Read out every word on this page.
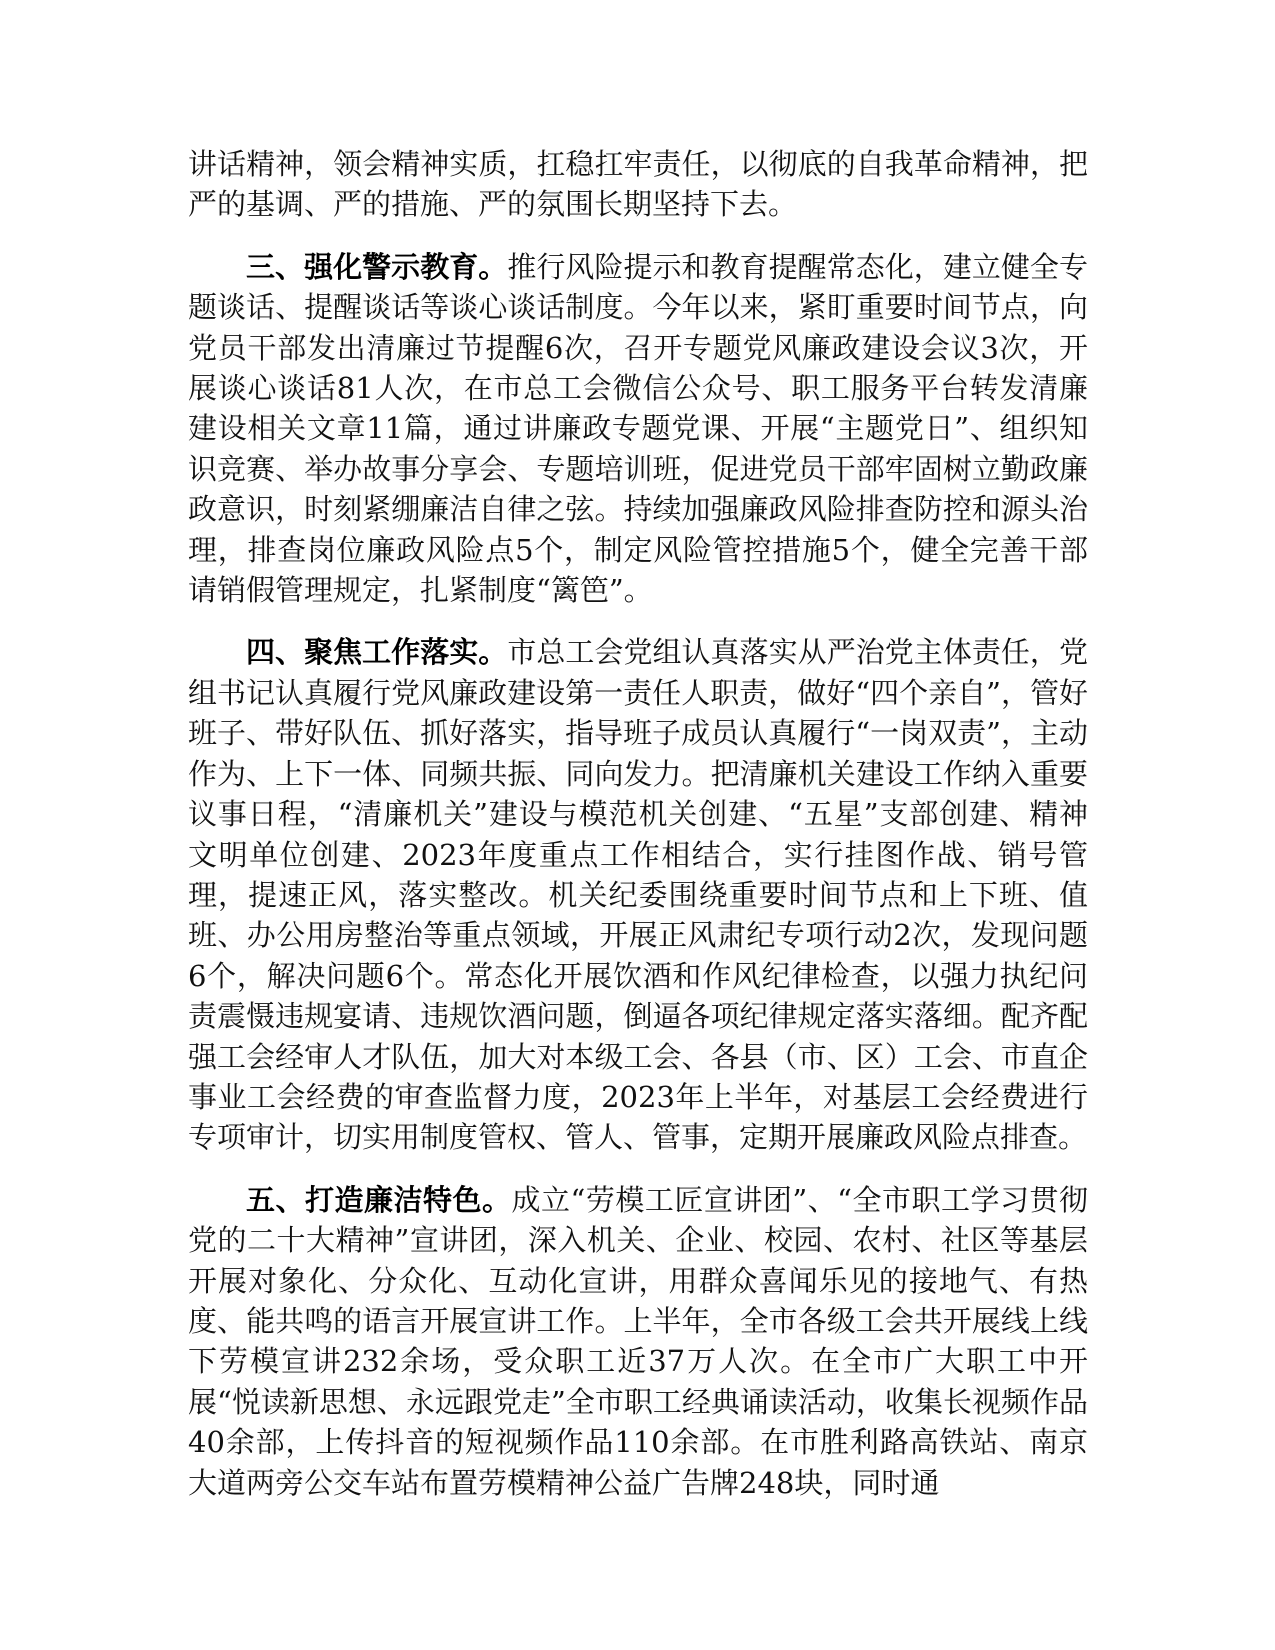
讲话精神，领会精神实质，扛稳扛牢责任，以彻底的自我革命精神，把严的基调、严的措施、严的氛围长期坚持下去。

三、强化警示教育。推行风险提示和教育提醒常态化，建立健全专题谈话、提醒谈话等谈心谈话制度。今年以来，紧盯重要时间节点，向党员干部发出清廉过节提醒6次，召开专题党风廉政建设会议3次，开展谈心谈话81人次，在市总工会微信公众号、职工服务平台转发清廉建设相关文章11篇，通过讲廉政专题党课、开展“主题党日”、组织知识竞赛、举办故事分享会、专题培训班，促进党员干部牢固树立勤政廉政意识，时刻紧绷廉洁自律之弦。持续加强廉政风险排查防控和源头治理，排查岗位廉政风险点5个，制定风险管控措施5个，健全完善干部请销假管理规定，扎紧制度“篱笆”。

四、聚焦工作落实。市总工会党组认真落实从严治党主体责任，党组书记认真履行党风廉政建设第一责任人职责，做好“四个亲自”，管好班子、带好队伍、抓好落实，指导班子成员认真履行“一岗双责”，主动作为、上下一体、同频共振、同向发力。把清廉机关建设工作纳入重要议事日程，“清廉机关”建设与模范机关创建、“五星”支部创建、精神文明单位创建、2023年度重点工作相结合，实行挂图作战、销号管理，提速正风，落实整改。机关纪委围绕重要时间节点和上下班、值班、办公用房整治等重点领域，开展正风肃纪专项行动2次，发现问题6个，解决问题6个。常态化开展饮酒和作风纪律检查，以强力执纪问责震慑违规宴请、违规饮酒问题，倒逼各项纪律规定落实落细。配齐配强工会经审人才队伍，加大对本级工会、各县（市、区）工会、市直企事业工会经费的审查监督力度，2023年上半年，对基层工会经费进行专项审计，切实用制度管权、管人、管事，定期开展廉政风险点排查。

五、打造廉洁特色。成立“劳模工匠宣讲团”、“全市职工学习贯彻党的二十大精神”宣讲团，深入机关、企业、校园、农村、社区等基层开展对象化、分众化、互动化宣讲，用群众喜闻乐见的接地气、有热度、能共鸣的语言开展宣讲工作。上半年，全市各级工会共开展线上线下劳模宣讲232余场，受众职工近37万人次。在全市广大职工中开展“悦读新思想、永远跟党走”全市职工经典诵读活动，收集长视频作品40余部，上传抖音的短视频作品110余部。在市胜利路高铁站、南京大道两旁公交车站布置劳模精神公益广告牌248块，同时通
